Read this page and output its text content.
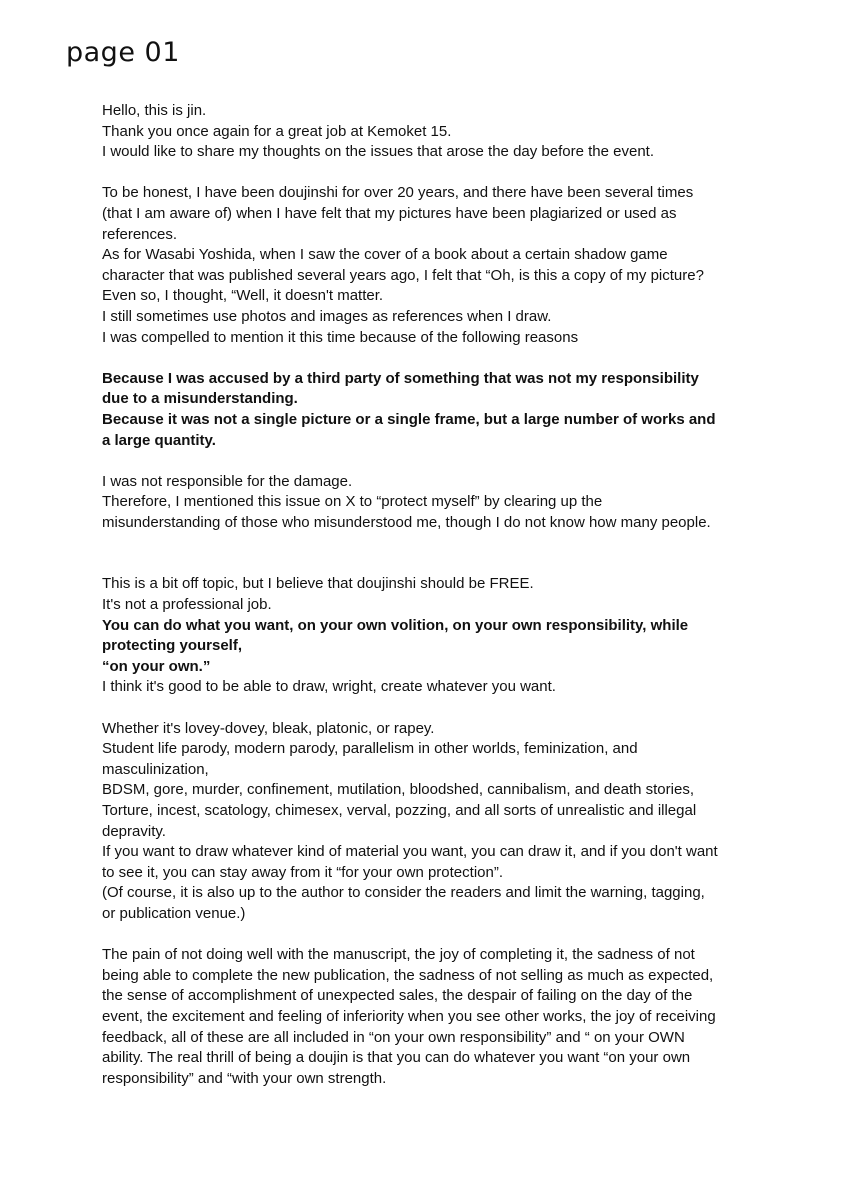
page 01

Hello, this is jin.

Thank you once again for a great job at Kemoket 15.

I would like to share my thoughts on the issues that arose the day before the event.

To be honest, I have been doujinshi for over 20 years, and there have been several times

(that I am aware of) when I have felt that my pictures have been plagiarized or used as

references.

As for Wasabi Yoshida, when I saw the cover of a book about a certain shadow game

character that was published several years ago, I felt that “Oh, is this a copy of my picture?

Even so, I thought, “Well, it doesn't matter.

I still sometimes use photos and images as references when I draw.

I was compelled to mention it this time because of the following reasons

Because I was accused by a third party of something that was not my responsibility

due to a misunderstanding.

Because it was not a single picture or a single frame, but a large number of works and

a large quantity.

I was not responsible for the damage.

Therefore, I mentioned this issue on X to “protect myself” by clearing up the

misunderstanding of those who misunderstood me, though I do not know how many people.

This is a bit off topic, but I believe that doujinshi should be FREE.

It's not a professional job.

You can do what you want, on your own volition, on your own responsibility, while

protecting yourself,

“on your own.”

I think it's good to be able to draw, wright, create whatever you want.

Whether it's lovey-dovey, bleak, platonic, or rapey.

Student life parody, modern parody, parallelism in other worlds, feminization, and

masculinization,

BDSM, gore, murder, confinement, mutilation, bloodshed, cannibalism, and death stories,

Torture, incest, scatology, chimesex, verval, pozzing, and all sorts of unrealistic and illegal

depravity.

If you want to draw whatever kind of material you want, you can draw it, and if you don't want

to see it, you can stay away from it “for your own protection”.

(Of course, it is also up to the author to consider the readers and limit the warning, tagging,

or publication venue.)

The pain of not doing well with the manuscript, the joy of completing it, the sadness of not

being able to complete the new publication, the sadness of not selling as much as expected,

the sense of accomplishment of unexpected sales, the despair of failing on the day of the

event, the excitement and feeling of inferiority when you see other works, the joy of receiving

feedback, all of these are all included in “on your own responsibility” and “ on your OWN

ability. The real thrill of being a doujin is that you can do whatever you want “on your own

responsibility” and “with your own strength.
